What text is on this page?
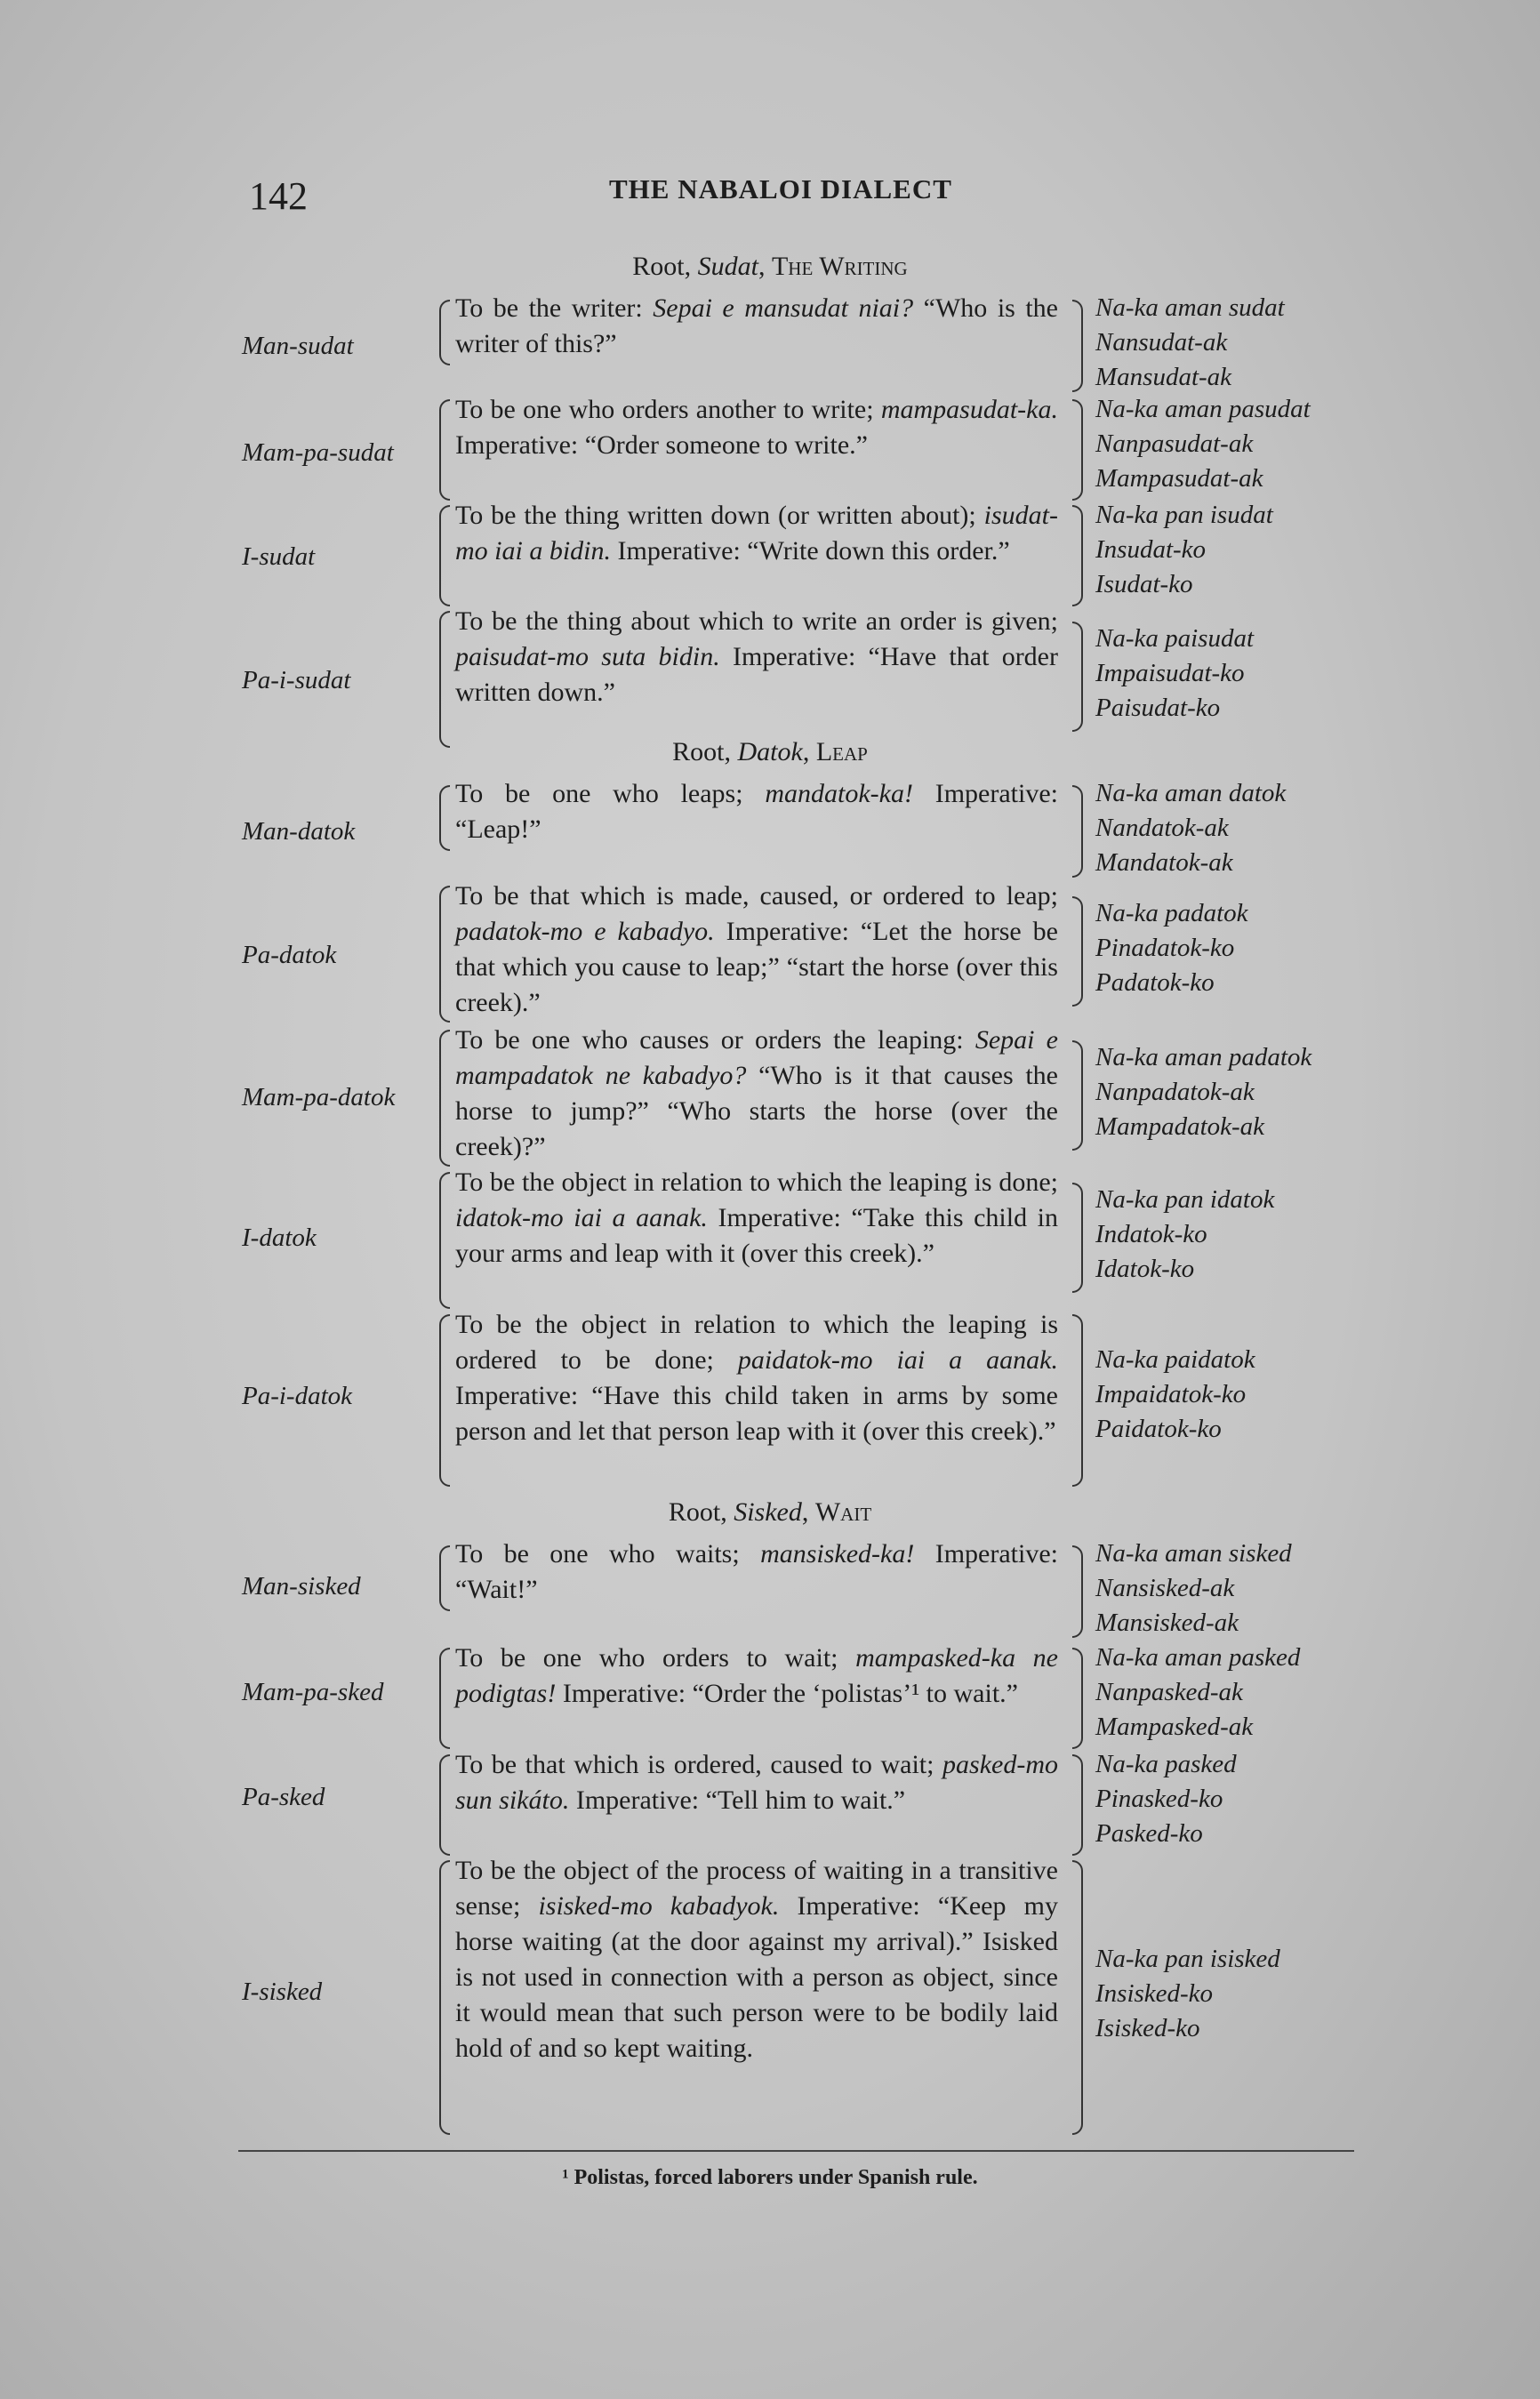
142	THE NABALOI DIALECT
Root, Sudat, The Writing
Man-sudat
To be the writer: Sepai e mansudat niai? “Who is the writer of this?”
Na-ka aman sudat
Nansudat-ak
Mansudat-ak
Mam-pa-sudat
To be one who orders another to write; mampasudat-ka. Imperative: “Order someone to write.”
Na-ka aman pasudat
Nanpasudat-ak
Mampasudat-ak
I-sudat
To be the thing written down (or written about); isudat-mo iai a bidin. Imperative: “Write down this order.”
Na-ka pan isudat
Insudat-ko
Isudat-ko
Pa-i-sudat
To be the thing about which to write an order is given; paisudat-mo suta bidin. Imperative: “Have that order written down.”
Na-ka paisudat
Impaisudat-ko
Paisudat-ko
Root, Datok, Leap
Man-datok
To be one who leaps; mandatok-ka! Imperative: “Leap!”
Na-ka aman datok
Nandatok-ak
Mandatok-ak
Pa-datok
To be that which is made, caused, or ordered to leap; padatok-mo e kabadyo. Imperative: “Let the horse be that which you cause to leap;” “start the horse (over this creek).”
Na-ka padatok
Pinadatok-ko
Padatok-ko
Mam-pa-datok
To be one who causes or orders the leaping: Sepai e mampadatok ne kabadyo? “Who is it that causes the horse to jump?” “Who starts the horse (over the creek)?”
Na-ka aman padatok
Nanpadatok-ak
Mampadatok-ak
I-datok
To be the object in relation to which the leaping is done; idatok-mo iai a aanak. Imperative: “Take this child in your arms and leap with it (over this creek).”
Na-ka pan idatok
Indatok-ko
Idatok-ko
Pa-i-datok
To be the object in relation to which the leaping is ordered to be done; paidatok-mo iai a aanak. Imperative: “Have this child taken in arms by some person and let that person leap with it (over this creek).”
Na-ka paidatok
Impaidatok-ko
Paidatok-ko
Root, Sisked, Wait
Man-sisked
To be one who waits; mansisked-ka! Imperative: “Wait!”
Na-ka aman sisked
Nansisked-ak
Mansisked-ak
Mam-pa-sked
To be one who orders to wait; mampasked-ka ne podigtas! Imperative: “Order the ‘polistas’¹ to wait.”
Na-ka aman pasked
Nanpasked-ak
Mampasked-ak
Pa-sked
To be that which is ordered, caused to wait; pasked-mo sun sikáto. Imperative: “Tell him to wait.”
Na-ka pasked
Pinasked-ko
Pasked-ko
I-sisked
To be the object of the process of waiting in a transitive sense; isisked-mo kabadyok. Imperative: “Keep my horse waiting (at the door against my arrival).” Isisked is not used in connection with a person as object, since it would mean that such person were to be bodily laid hold of and so kept waiting.
Na-ka pan isisked
Insisked-ko
Isisked-ko
¹ Polistas, forced laborers under Spanish rule.
